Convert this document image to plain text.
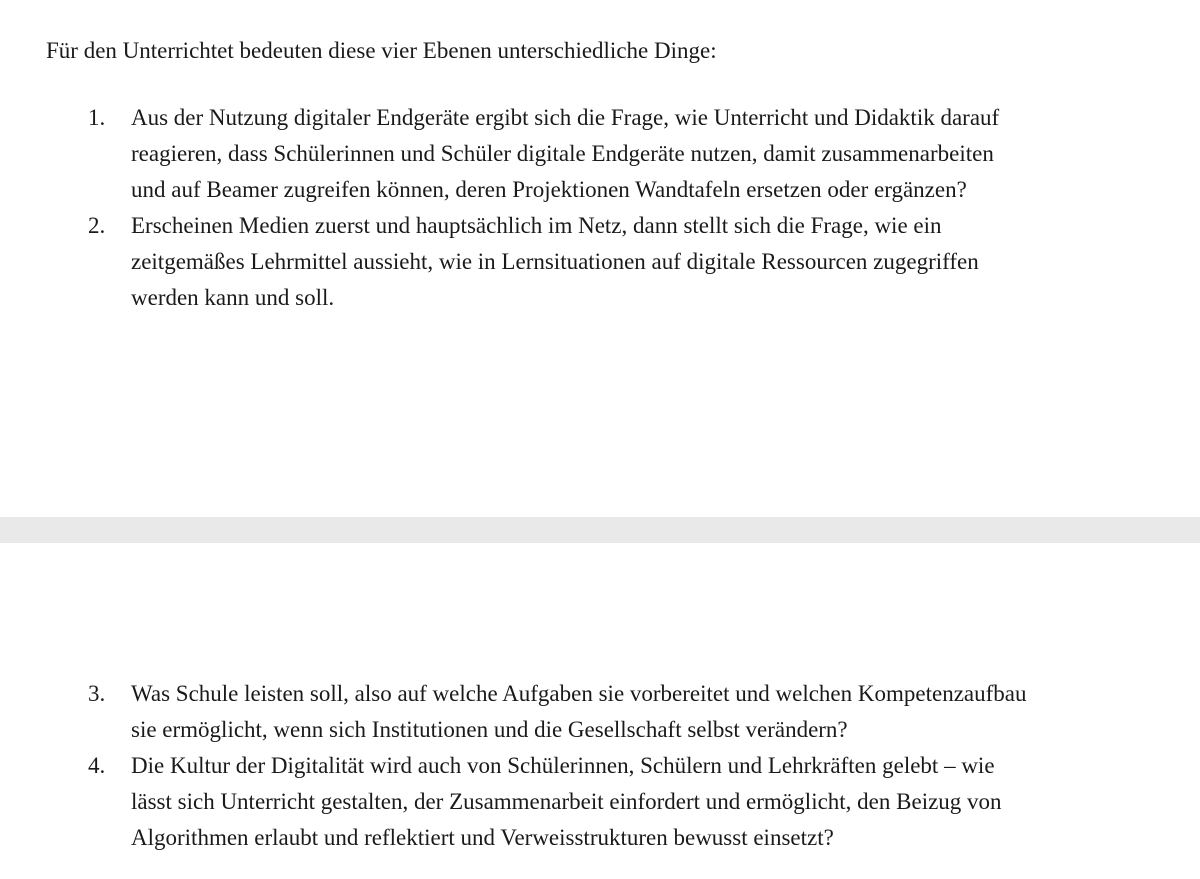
Für den Unterrichtet bedeuten diese vier Ebenen unterschiedliche Dinge:

1. Aus der Nutzung digitaler Endgeräte ergibt sich die Frage, wie Unterricht und Didaktik darauf
reagieren, dass Schülerinnen und Schüler digitale Endgeräte nutzen, damit zusammenarbeiten
und auf Beamer zugreifen können, deren Projektionen Wandtafeln ersetzen oder ergänzen?

2. Erscheinen Medien zuerst und hauptsächlich im Netz, dann stellt sich die Frage, wie ein
zeitgemäßes Lehrmittel aussieht, wie in Lernsituationen auf digitale Ressourcen zugegriffen
werden kann und soll.

3. Was Schule leisten soll, also auf welche Aufgaben sie vorbereitet und welchen Kompetenzaufbau
sie ermöglicht, wenn sich Institutionen und die Gesellschaft selbst verändern?

4. Die Kultur der Digitalität wird auch von Schülerinnen, Schülern und Lehrkräften gelebt – wie
lässt sich Unterricht gestalten, der Zusammenarbeit einfordert und ermöglicht, den Beizug von
Algorithmen erlaubt und reflektiert und Verweisstrukturen bewusst einsetzt?
